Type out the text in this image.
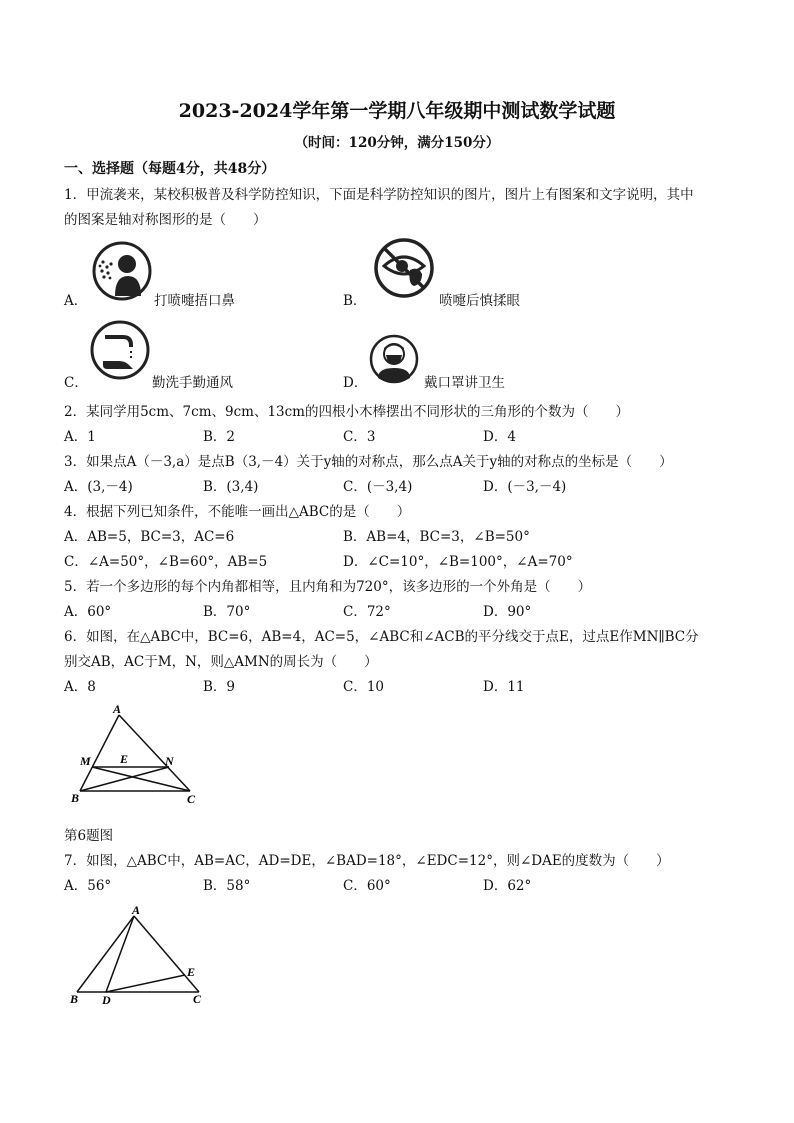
2023-2024学年第一学期八年级期中测试数学试题
（时间：120分钟，满分150分）
一、选择题（每题4分，共48分）
1．甲流袭来，某校积极普及科学防控知识，下面是科学防控知识的图片，图片上有图案和文字说明，其中
的图案是轴对称图形的是（　　）
A．	打喷嚏捂口鼻	B．	喷嚏后慎揉眼
C．	勤洗手勤通风	D．	戴口罩讲卫生
2．某同学用5cm、7cm、9cm、13cm的四根小木棒摆出不同形状的三角形的个数为（　　）
A．1	B．2	C．3	D．4
3．如果点A（－3,a）是点B（3,－4）关于y轴的对称点，那么点A关于y轴的对称点的坐标是（　　）
A．(3,－4)	B．(3,4)	C．(－3,4)	D．(－3,－4)
4．根据下列已知条件，不能唯一画出△ABC的是（　　）
A．AB=5，BC=3，AC=6	B．AB=4，BC=3，∠B=50°
C．∠A=50°，∠B=60°，AB=5	D．∠C=10°，∠B=100°，∠A=70°
5．若一个多边形的每个内角都相等，且内角和为720°，该多边形的一个外角是（　　）
A．60°	B．70°	C．72°	D．90°
6．如图，在△ABC中，BC=6，AB=4，AC=5，∠ABC和∠ACB的平分线交于点E，过点E作MN∥BC分
别交AB，AC于M，N，则△AMN的周长为（　　）
A．8	B．9	C．10	D．11
A
M E	N
B	C
第6题图
7．如图，△ABC中，AB=AC，AD=DE，∠BAD=18°，∠EDC=12°，则∠DAE的度数为（　　）
A．56°	B．58°	C．60°	D．62°
A
E
B D	C
